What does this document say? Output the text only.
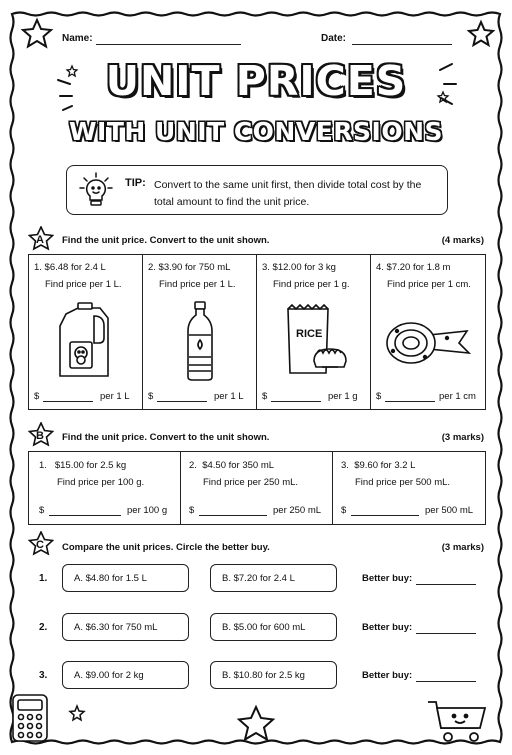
Name:	Date:
UNIT PRICES
WITH UNIT CONVERSIONS
TIP: Convert to the same unit first, then divide total cost by the total amount to find the unit price.
A Find the unit price. Convert to the unit shown.	(4 marks)
1. $6.48 for 2.4 L
Find price per 1 L.
$	per 1 L
2. $3.90 for 750 mL
Find price per 1 L.
$	per 1 L
3. $12.00 for 3 kg
Find price per 1 g.
RICE
$	per 1 g
4. $7.20 for 1.8 m
Find price per 1 cm.
$	per 1 cm
B Find the unit price. Convert to the unit shown.	(3 marks)
1.   $15.00 for 2.5 kg
Find price per 100 g.
$	per 100 g
2.  $4.50 for 350 mL
Find price per 250 mL.
$	per 250 mL
3.  $9.60 for 3.2 L
Find price per 500 mL.
$	per 500 mL
C Compare the unit prices. Circle the better buy.	(3 marks)
1.	A. $4.80 for 1.5 L	B. $7.20 for 2.4 L	Better buy:
2.	A. $6.30 for 750 mL	B. $5.00 for 600 mL	Better buy:
3.	A. $9.00 for 2 kg	B. $10.80 for 2.5 kg	Better buy:
